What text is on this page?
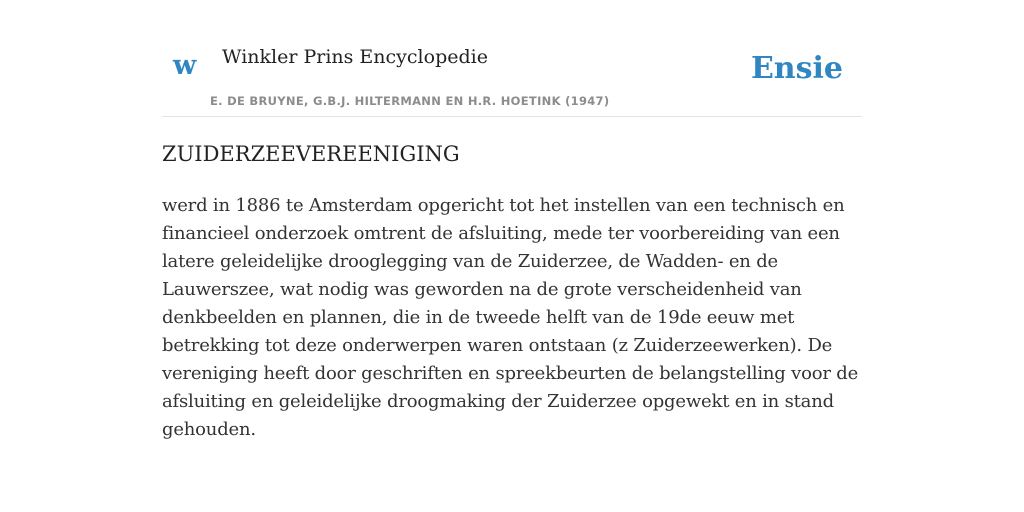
w Winkler Prins Encyclopedie
E. DE BRUYNE, G.B.J. HILTERMANN EN H.R. HOETINK (1947)
Ensie
ZUIDERZEEVEREENIGING

werd in 1886 te Amsterdam opgericht tot het instellen van een technisch en financieel onderzoek omtrent de afsluiting, mede ter voorbereiding van een latere geleidelijke drooglegging van de Zuiderzee, de Wadden- en de Lauwerszee, wat nodig was geworden na de grote verscheidenheid van denkbeelden en plannen, die in de tweede helft van de 19de eeuw met betrekking tot deze onderwerpen waren ontstaan (z Zuiderzeewerken). De vereniging heeft door geschriften en spreekbeurten de belangstelling voor de afsluiting en geleidelijke droogmaking der Zuiderzee opgewekt en in stand gehouden.
